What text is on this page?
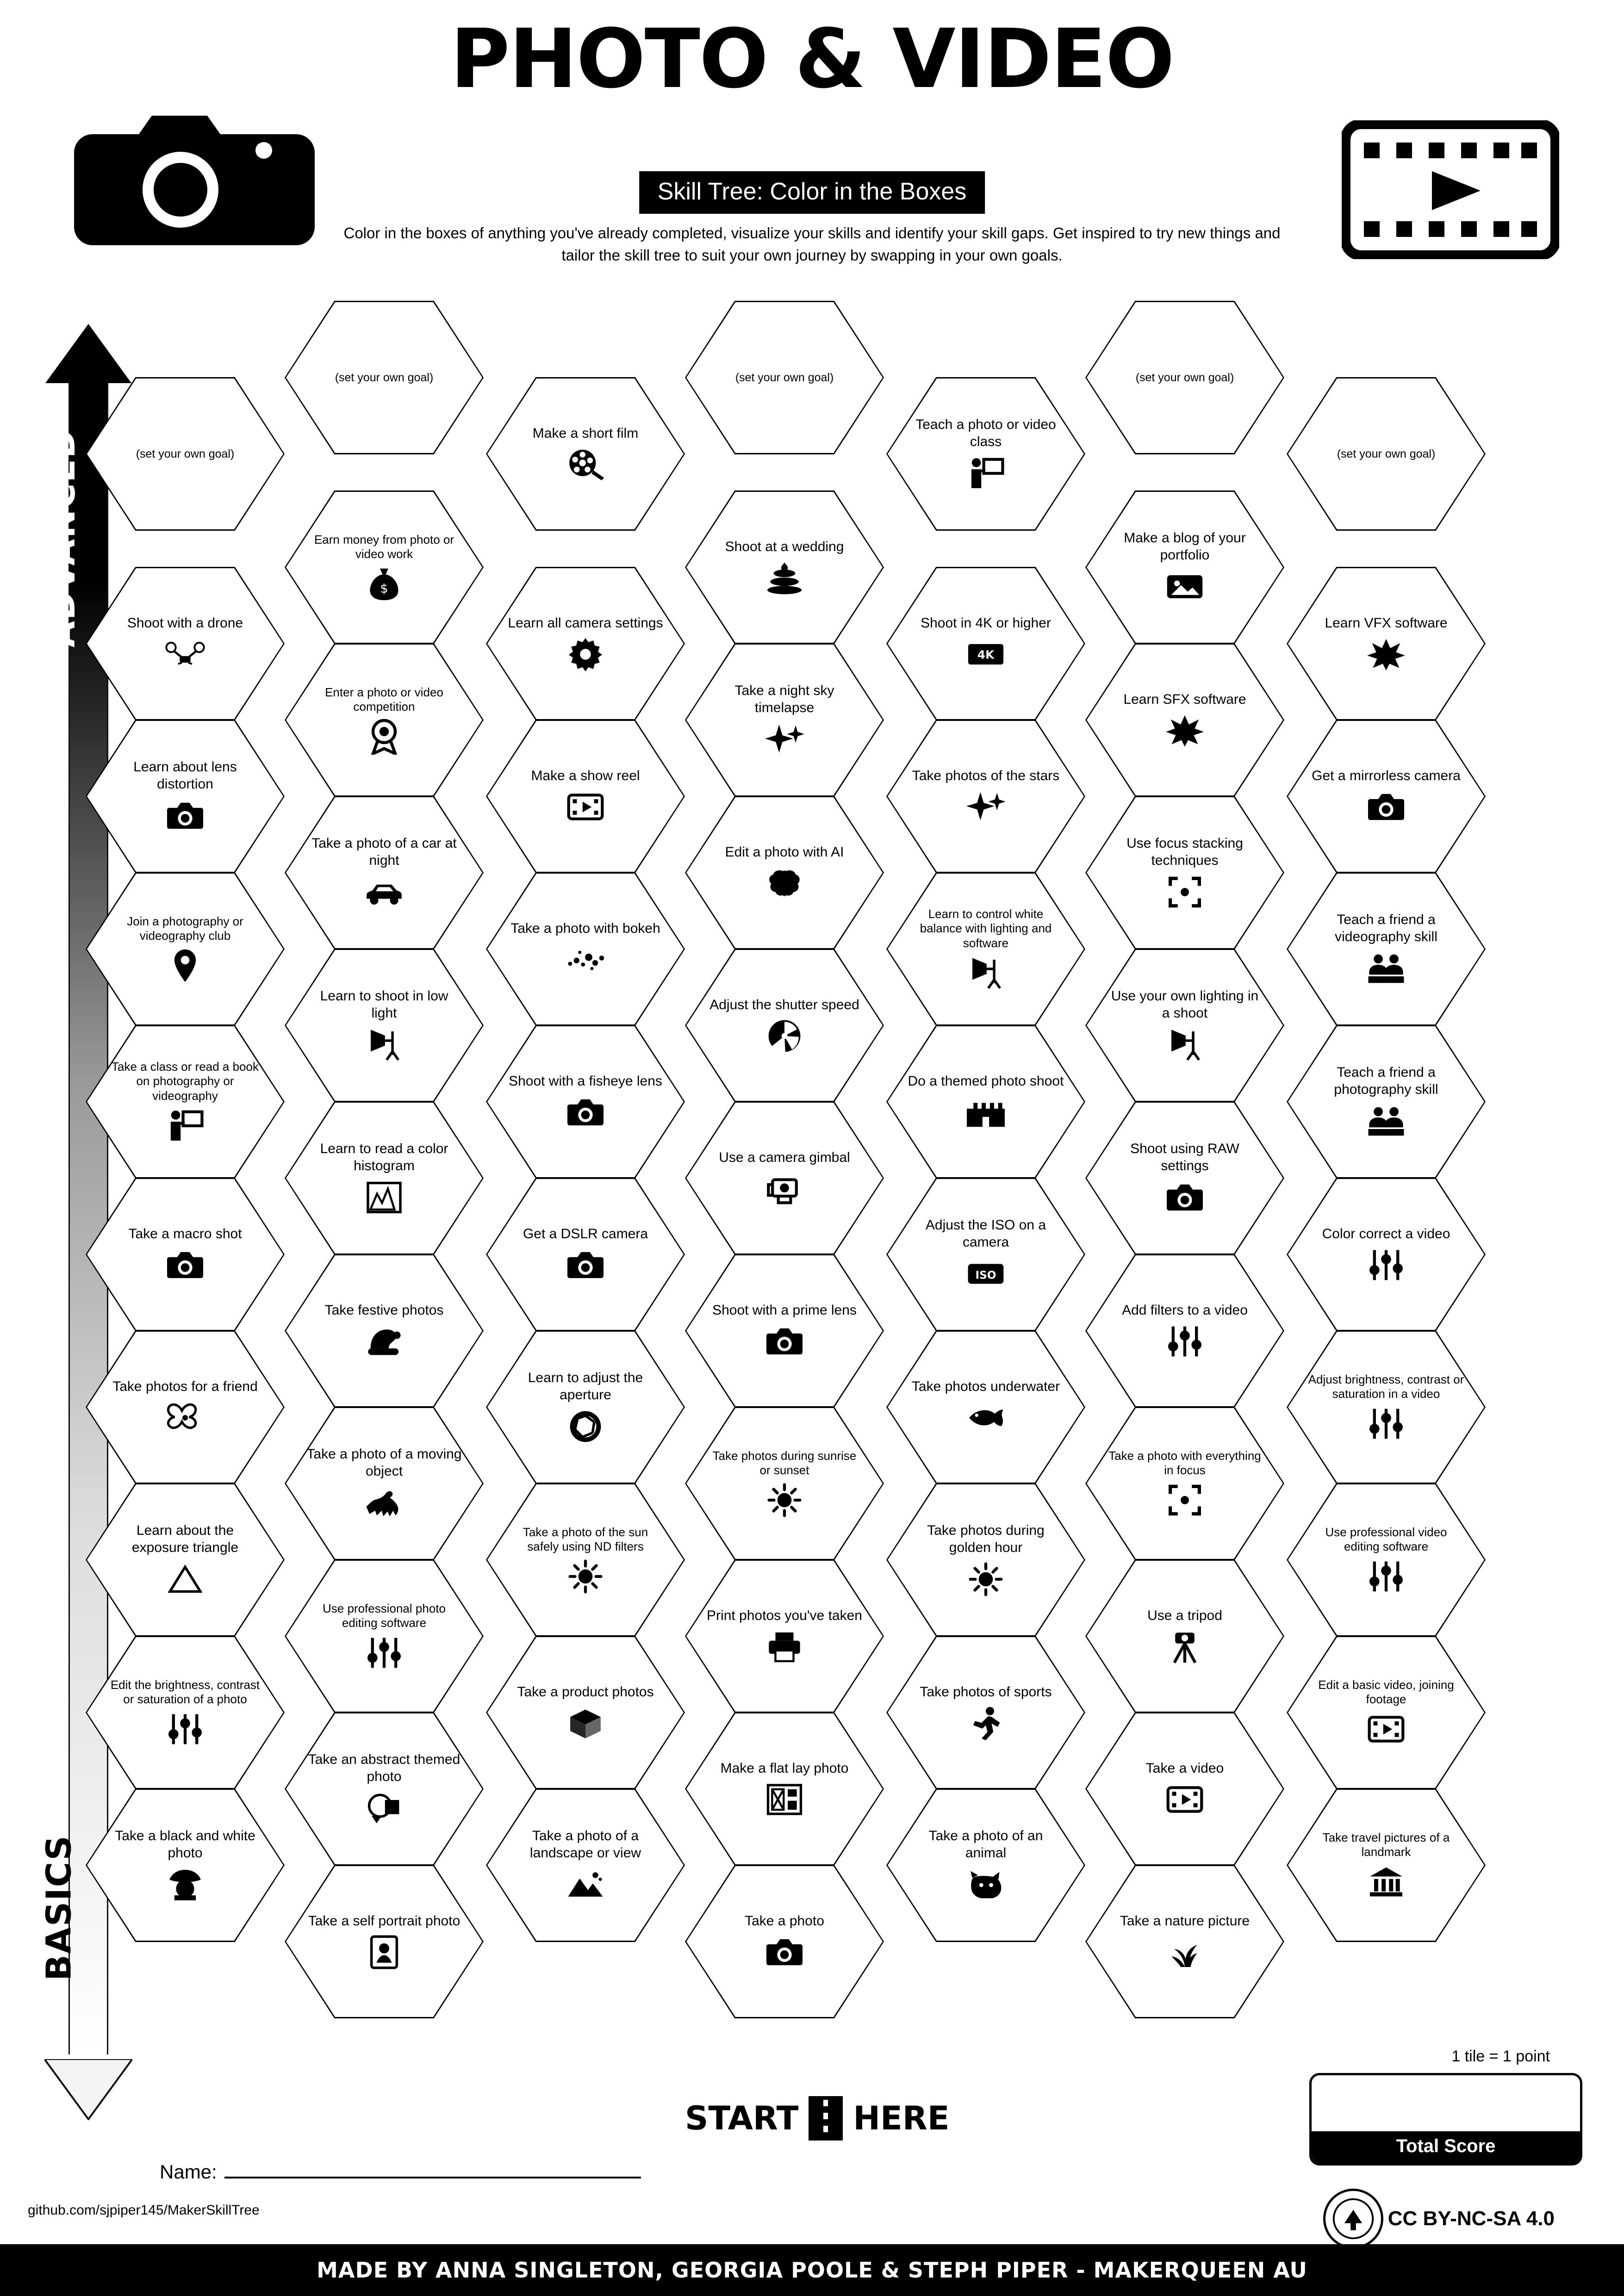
PHOTO & VIDEO
Skill Tree: Color in the Boxes
Color in the boxes of anything you've already completed, visualize your skills and identify your skill gaps. Get inspired to try new things and tailor the skill tree to suit your own journey by swapping in your own goals.
ADVANCED
BASICS
(set your own goal)
Shoot with a drone
Learn about lens distortion
Join a photography or videography club
Take a class or read a book on photography or videography
Take a macro shot
Take photos for a friend
Learn about the exposure triangle
Edit the brightness, contrast or saturation of a photo
Take a black and white photo
(set your own goal)
Earn money from photo or video work
$
Enter a photo or video competition
Take a photo of a car at night
Learn to shoot in low light
Learn to read a color histogram
Take festive photos
Take a photo of a moving object
Use professional photo editing software
Take an abstract themed photo
Take a self portrait photo
Make a short film
Learn all camera settings
Make a show reel
Take a photo with bokeh
Shoot with a fisheye lens
Get a DSLR camera
Learn to adjust the aperture
Take a photo of the sun safely using ND filters
Take a product photos
Take a photo of a landscape or view
(set your own goal)
Shoot at a wedding
Take a night sky timelapse
Edit a photo with AI
Adjust the shutter speed
Use a camera gimbal
Shoot with a prime lens
Take photos during sunrise or sunset
Print photos you've taken
Make a flat lay photo
Take a photo
Teach a photo or video class
Shoot in 4K or higher
4K
Take photos of the stars
Learn to control white balance with lighting and software
Do a themed photo shoot
Adjust the ISO on a camera
ISO
Take photos underwater
Take photos during golden hour
Take photos of sports
Take a photo of an animal
(set your own goal)
Make a blog of your portfolio
Learn SFX software
Use focus stacking techniques
Use your own lighting in a shoot
Shoot using RAW settings
Add filters to a video
Take a photo with everything in focus
Use a tripod
Take a video
Take a nature picture
(set your own goal)
Learn VFX software
Get a mirrorless camera
Teach a friend a videography skill
Teach a friend a photography skill
Color correct a video
Adjust brightness, contrast or saturation in a video
Use professional video editing software
Edit a basic video, joining footage
Take travel pictures of a landmark
START HERE
Name:
github.com/sjpiper145/MakerSkillTree
1 tile = 1 point
Total Score
CC BY-NC-SA 4.0
MADE BY ANNA SINGLETON, GEORGIA POOLE & STEPH PIPER - MAKERQUEEN AU
